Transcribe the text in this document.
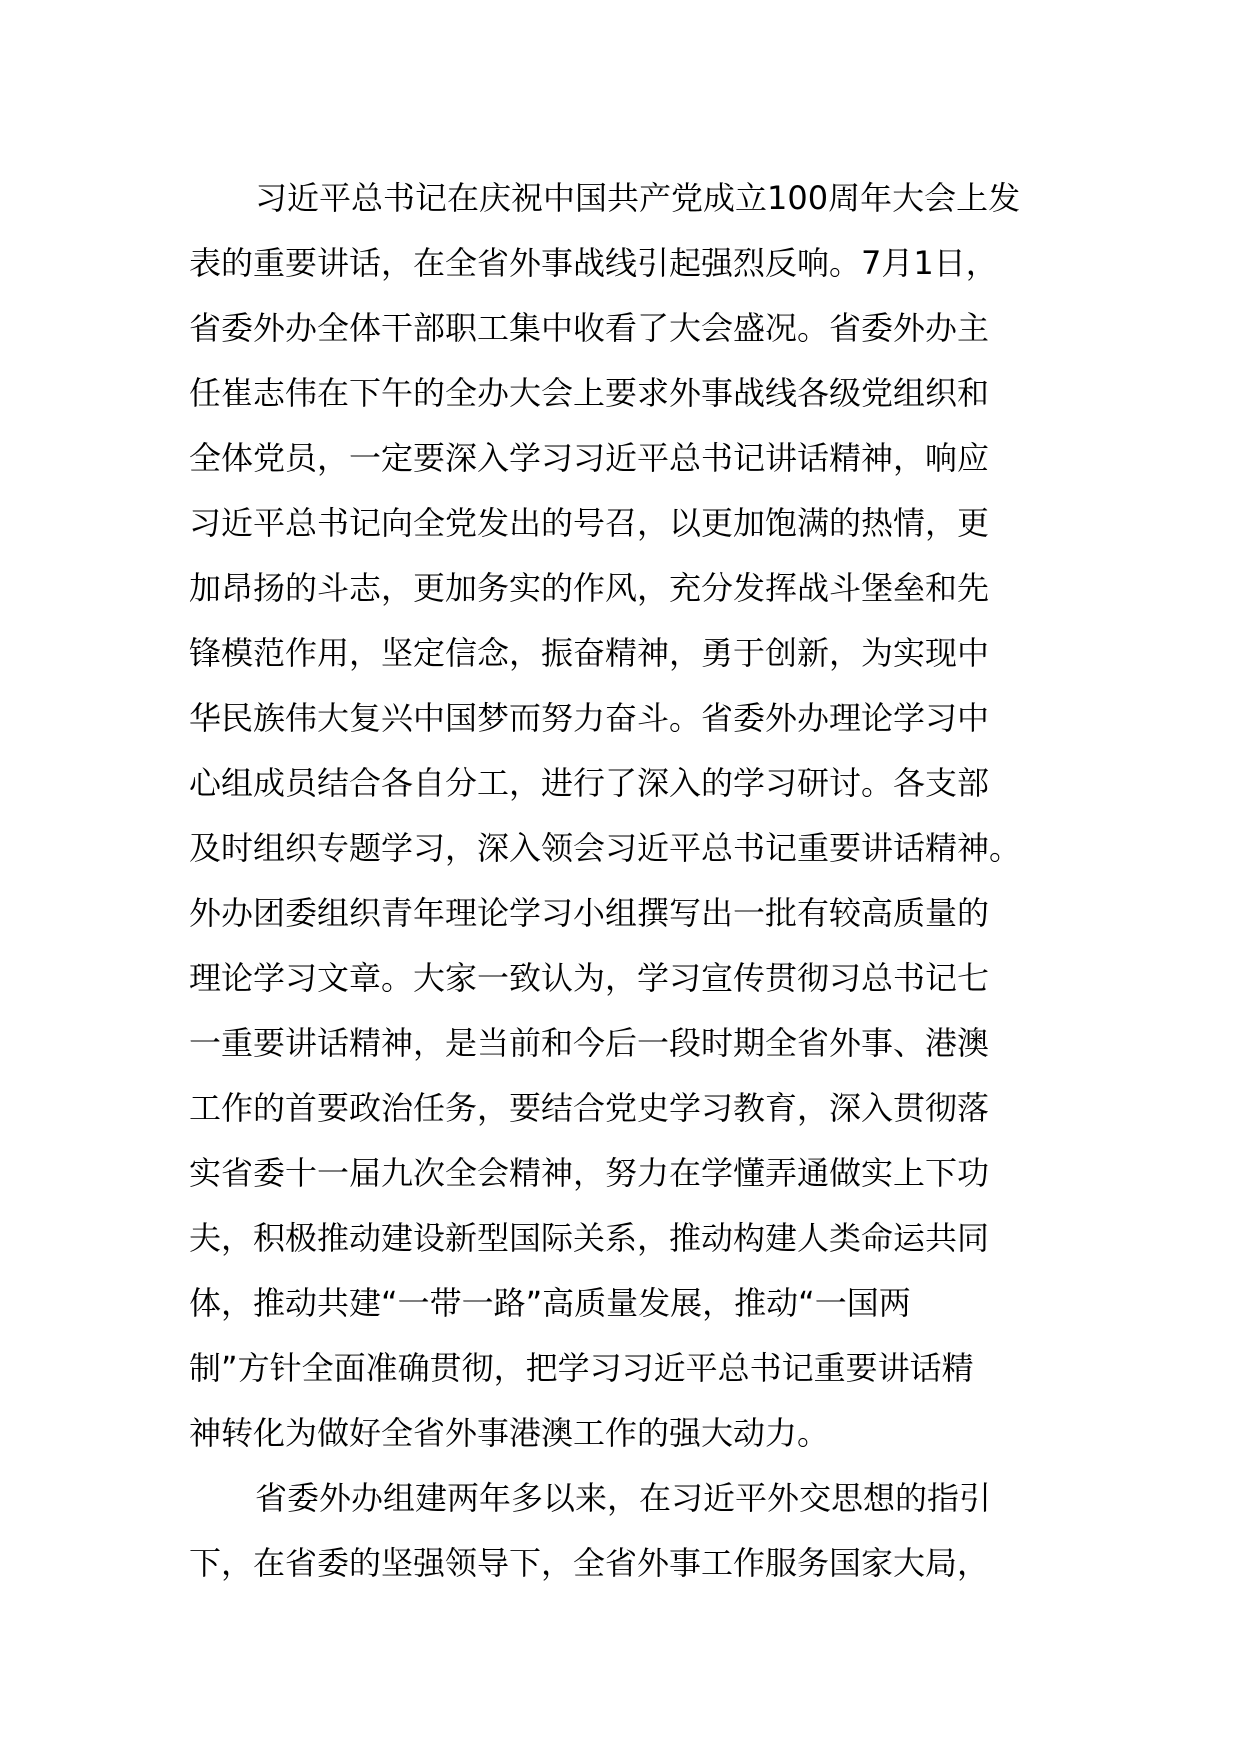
习近平总书记在庆祝中国共产党成立100周年大会上发
表的重要讲话，在全省外事战线引起强烈反响。7月1日，
省委外办全体干部职工集中收看了大会盛况。省委外办主
任崔志伟在下午的全办大会上要求外事战线各级党组织和
全体党员，一定要深入学习习近平总书记讲话精神，响应
习近平总书记向全党发出的号召，以更加饱满的热情，更
加昂扬的斗志，更加务实的作风，充分发挥战斗堡垒和先
锋模范作用，坚定信念，振奋精神，勇于创新，为实现中
华民族伟大复兴中国梦而努力奋斗。省委外办理论学习中
心组成员结合各自分工，进行了深入的学习研讨。各支部
及时组织专题学习，深入领会习近平总书记重要讲话精神。
外办团委组织青年理论学习小组撰写出一批有较高质量的
理论学习文章。大家一致认为，学习宣传贯彻习总书记七
一重要讲话精神，是当前和今后一段时期全省外事、港澳
工作的首要政治任务，要结合党史学习教育，深入贯彻落
实省委十一届九次全会精神，努力在学懂弄通做实上下功
夫，积极推动建设新型国际关系，推动构建人类命运共同
体，推动共建“一带一路”高质量发展，推动“一国两
制”方针全面准确贯彻，把学习习近平总书记重要讲话精
神转化为做好全省外事港澳工作的强大动力。
省委外办组建两年多以来，在习近平外交思想的指引
下，在省委的坚强领导下，全省外事工作服务国家大局，
